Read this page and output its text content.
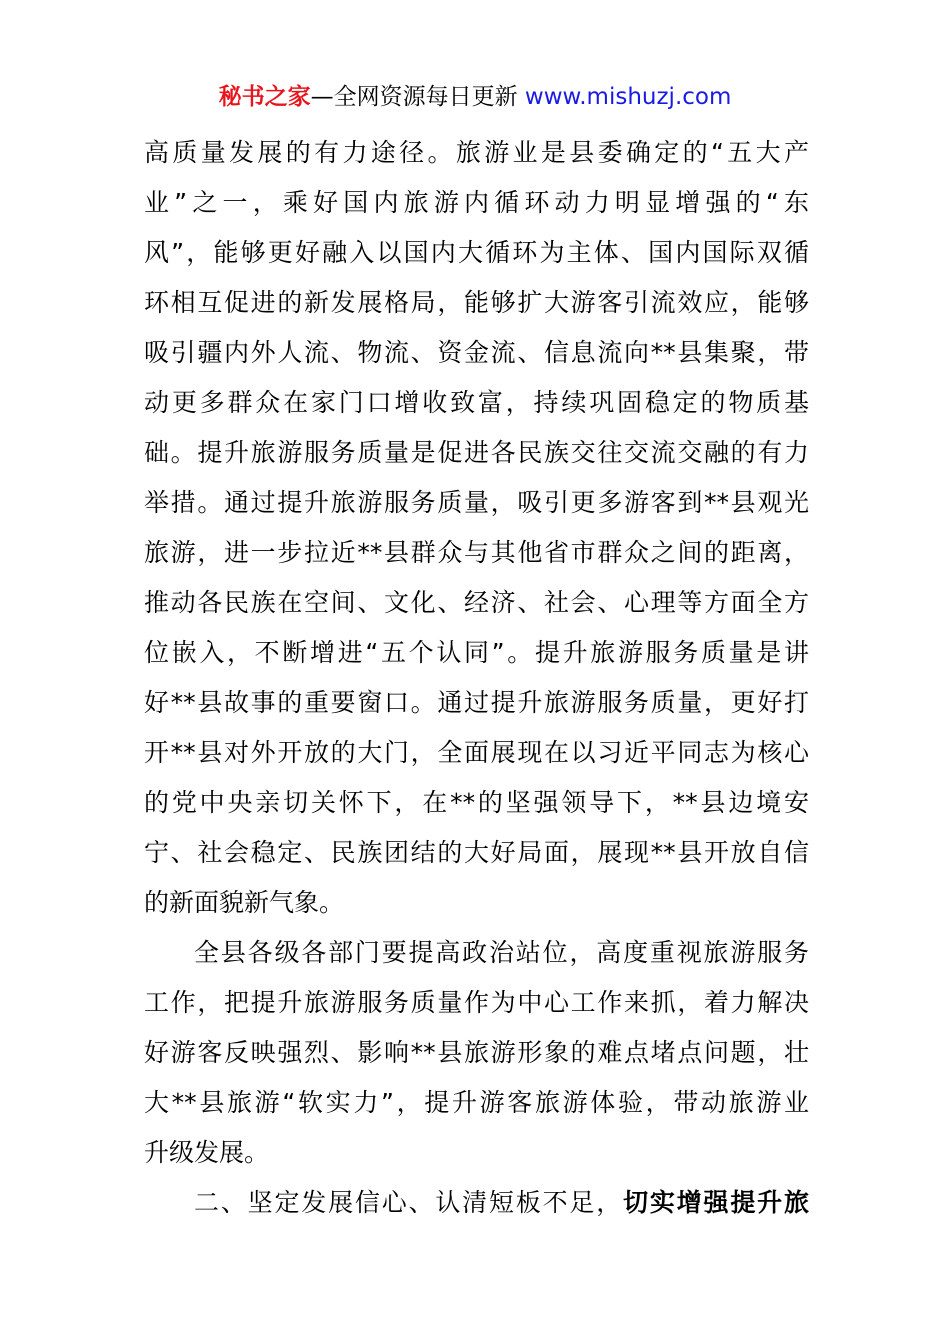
秘书之家—全网资源每日更新 www.mishuzj.com
高质量发展的有力途径。旅游业是县委确定的“五大产
业”之一，乘好国内旅游内循环动力明显增强的“东
风”，能够更好融入以国内大循环为主体、国内国际双循
环相互促进的新发展格局，能够扩大游客引流效应，能够
吸引疆内外人流、物流、资金流、信息流向**县集聚，带
动更多群众在家门口增收致富，持续巩固稳定的物质基
础。提升旅游服务质量是促进各民族交往交流交融的有力
举措。通过提升旅游服务质量，吸引更多游客到**县观光
旅游，进一步拉近**县群众与其他省市群众之间的距离，
推动各民族在空间、文化、经济、社会、心理等方面全方
位嵌入，不断增进“五个认同”。提升旅游服务质量是讲
好**县故事的重要窗口。通过提升旅游服务质量，更好打
开**县对外开放的大门，全面展现在以习近平同志为核心
的党中央亲切关怀下，在**的坚强领导下，**县边境安
宁、社会稳定、民族团结的大好局面，展现**县开放自信
的新面貌新气象。
全县各级各部门要提高政治站位，高度重视旅游服务
工作，把提升旅游服务质量作为中心工作来抓，着力解决
好游客反映强烈、影响**县旅游形象的难点堵点问题，壮
大**县旅游“软实力”，提升游客旅游体验，带动旅游业
升级发展。
二、坚定发展信心、认清短板不足，切实增强提升旅
